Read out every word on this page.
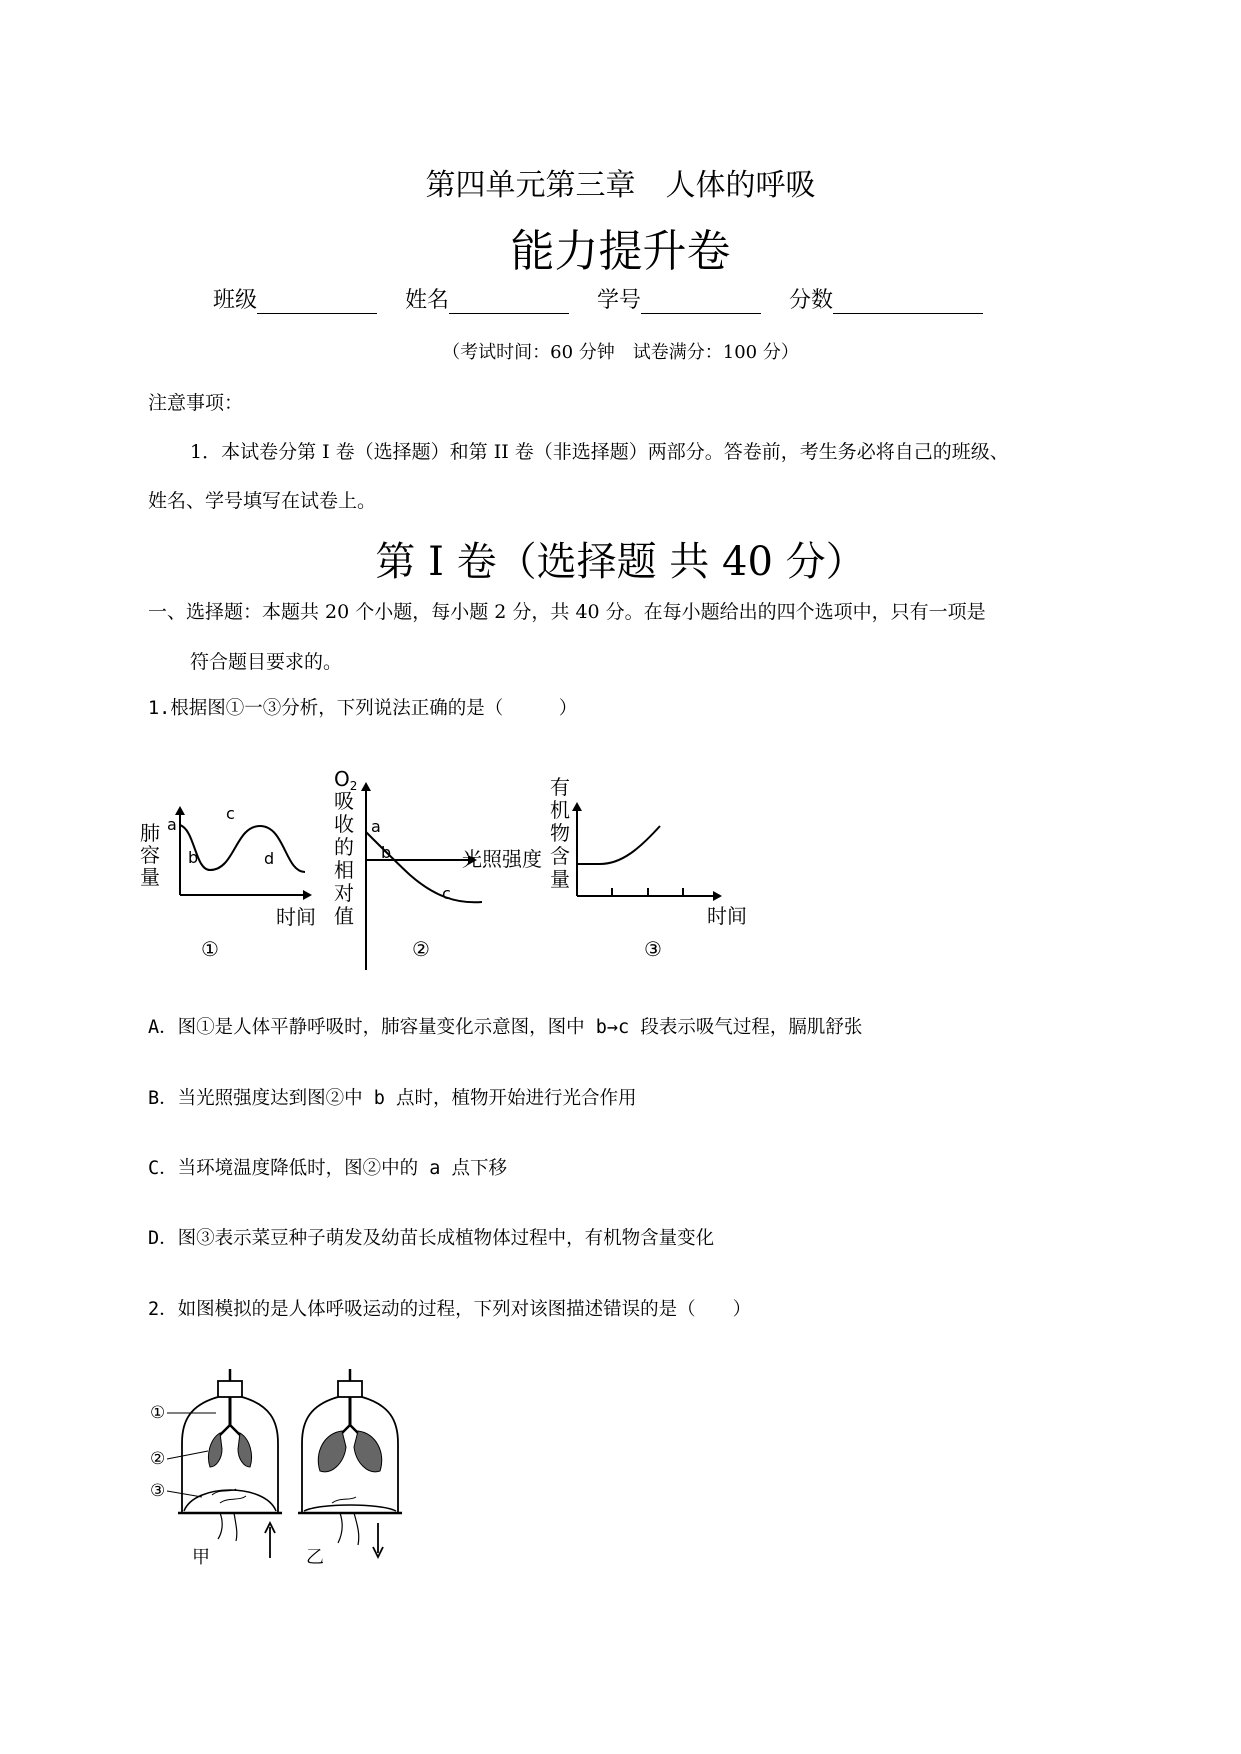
第四单元第三章　人体的呼吸
能力提升卷
班级	姓名	学号	分数
（考试时间：60 分钟　试卷满分：100 分）
注意事项：
1．本试卷分第 I 卷（选择题）和第 II 卷（非选择题）两部分。答卷前，考生务必将自己的班级、
姓名、学号填写在试卷上。
第 I 卷（选择题 共 40 分）
一、选择题：本题共 20 个小题，每小题 2 分，共 40 分。在每小题给出的四个选项中，只有一项是
符合题目要求的。
1.根据图①一③分析，下列说法正确的是（　　　）
肺
容
量
a
b
c
d
时间
①
$O_2$
吸
收
的
相
对
值
a
b
c
光照强度
②
有
机
物
含
量
时间
③
A．图①是人体平静呼吸时，肺容量变化示意图，图中 b→c 段表示吸气过程，膈肌舒张
B．当光照强度达到图②中 b 点时，植物开始进行光合作用
C．当环境温度降低时，图②中的 a 点下移
D．图③表示菜豆种子萌发及幼苗长成植物体过程中，有机物含量变化
2．如图模拟的是人体呼吸运动的过程，下列对该图描述错误的是（　　）
甲
①
②
③
乙
